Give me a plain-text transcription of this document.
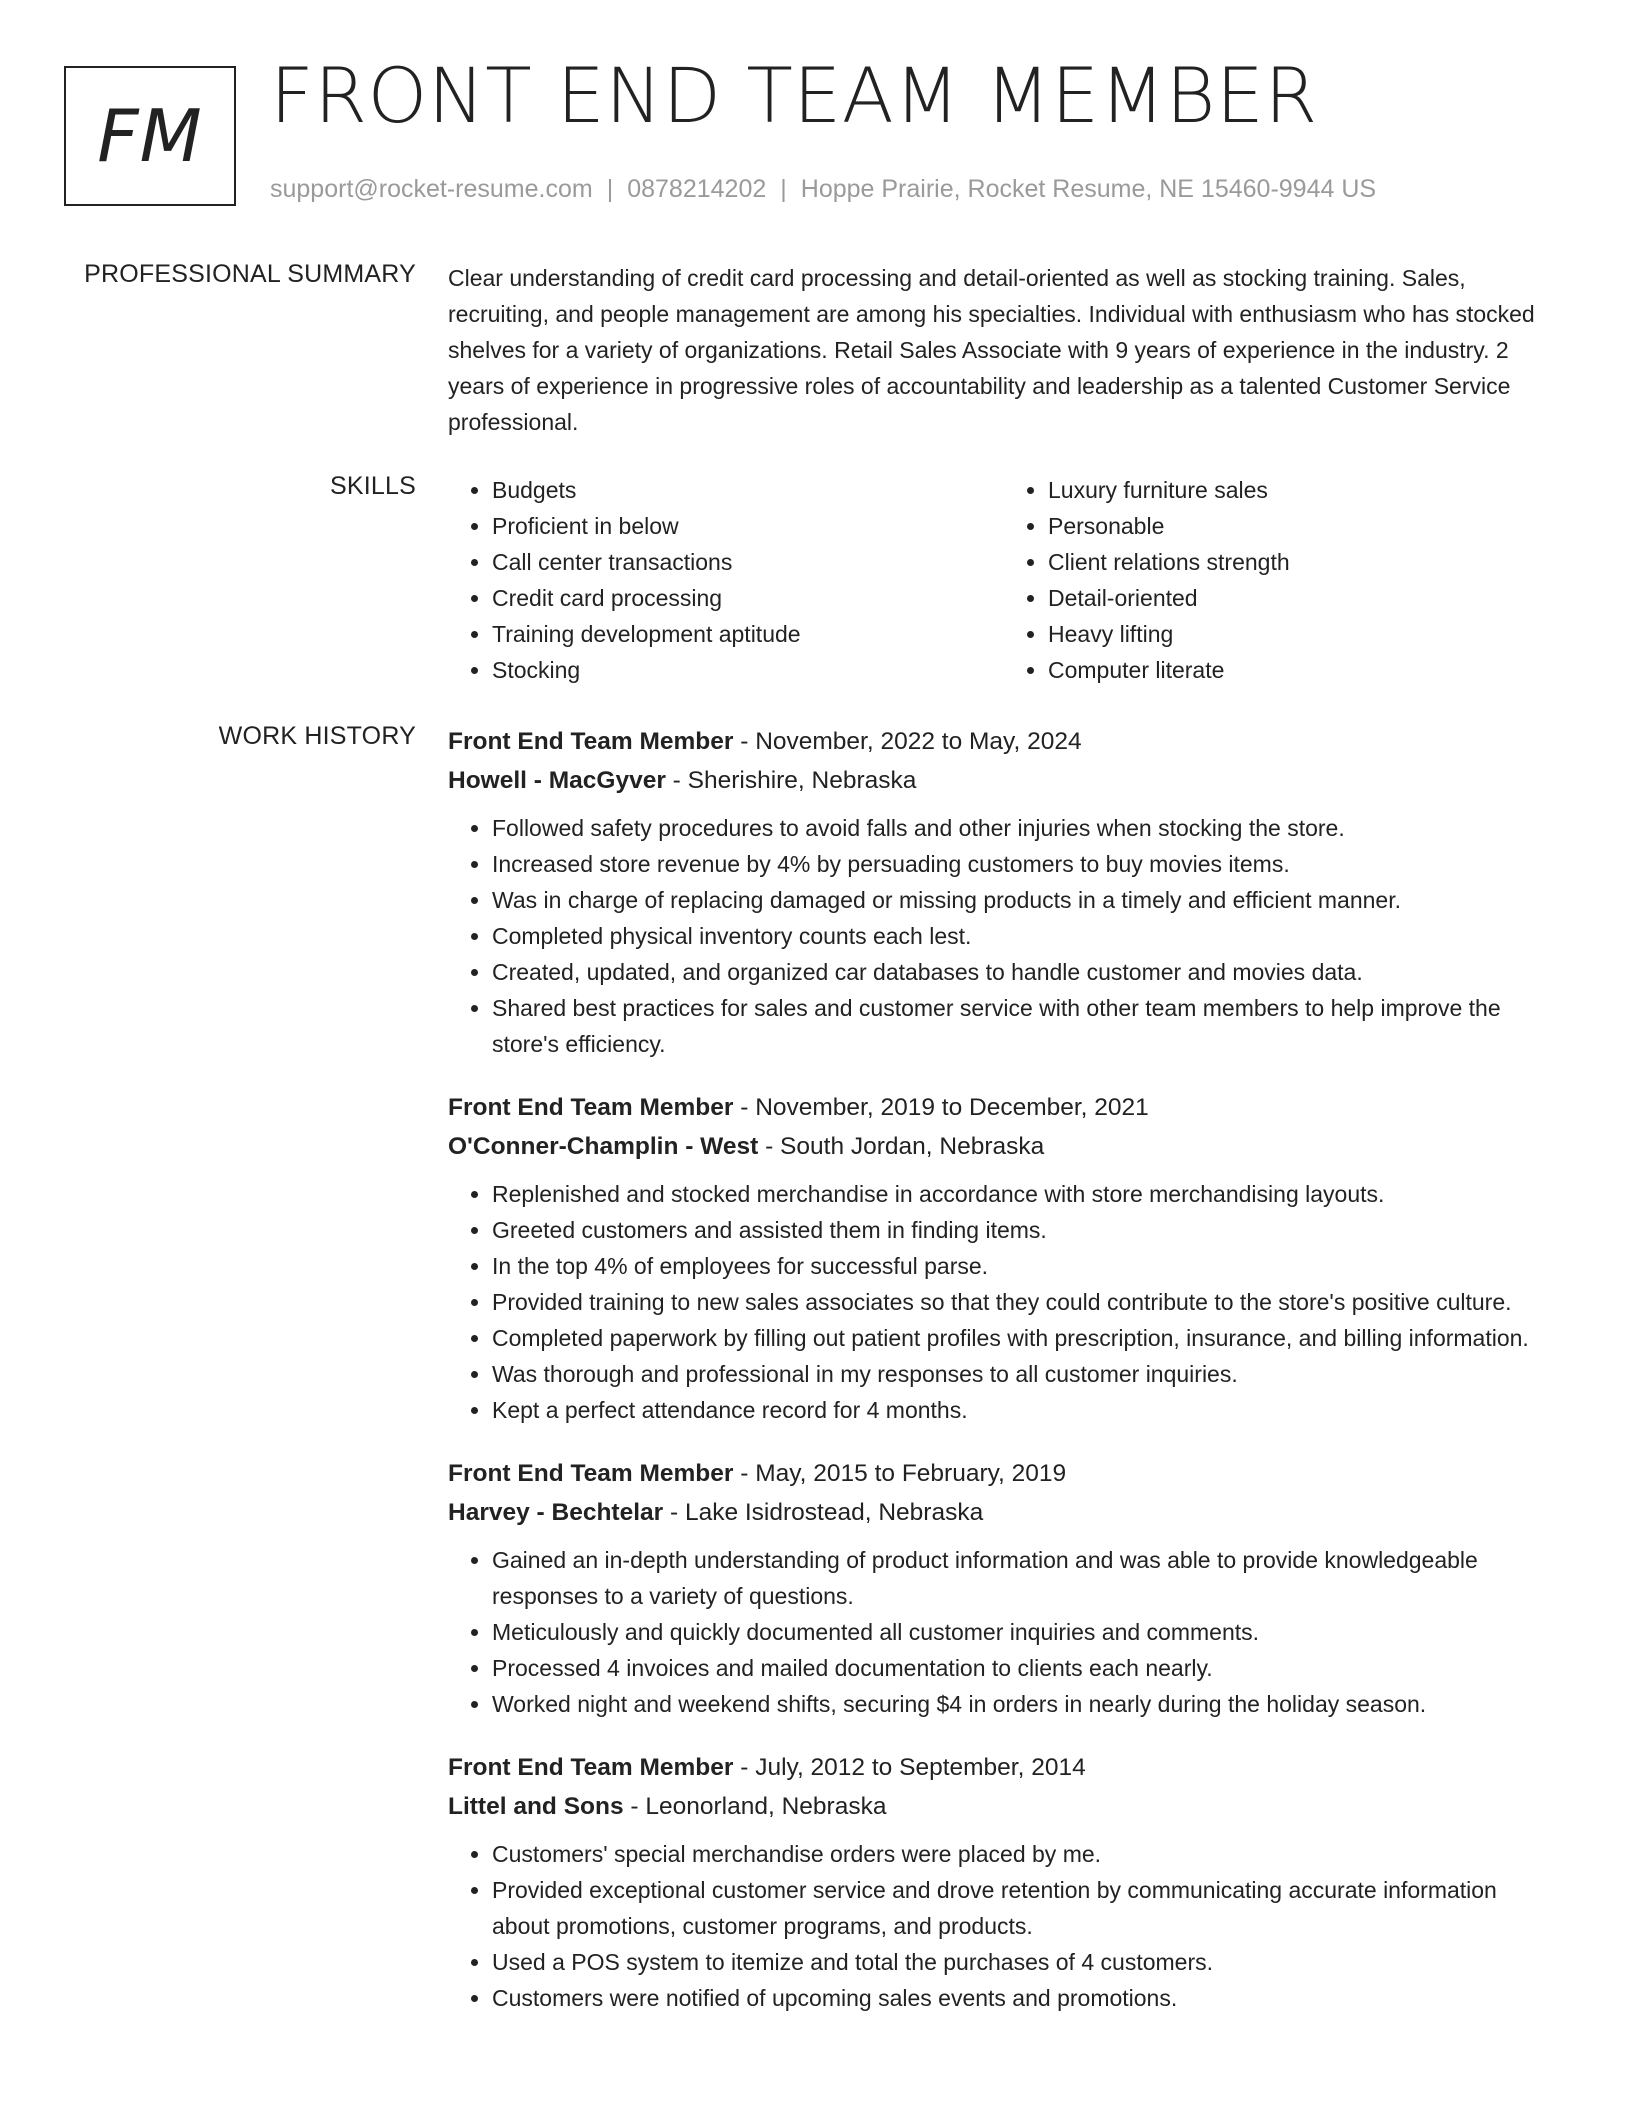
FM FRONT END TEAM MEMBER
support@rocket-resume.com | 0878214202 | Hoppe Prairie, Rocket Resume, NE 15460-9944 US
PROFESSIONAL SUMMARY Clear understanding of credit card processing and detail-oriented as well as stocking training. Sales, recruiting, and people management are among his specialties. Individual with enthusiasm who has stocked shelves for a variety of organizations. Retail Sales Associate with 9 years of experience in the industry. 2 years of experience in progressive roles of accountability and leadership as a talented Customer Service professional.

SKILLS
•	Budgets
• Proficient in below
• Call center transactions
• Credit card processing
• Training development aptitude
• Stocking
• Luxury furniture sales
• Personable
• Client relations strength
• Detail-oriented
• Heavy lifting
• Computer literate
WORK HISTORY Front End Team Member - November, 2022 to May, 2024
Howell - MacGyver - Sherishire, Nebraska
• Followed safety procedures to avoid falls and other injuries when stocking the store.
• Increased store revenue by 4% by persuading customers to buy movies items.
• Was in charge of replacing damaged or missing products in a timely and efficient manner.
• Completed physical inventory counts each lest.
• Created, updated, and organized car databases to handle customer and movies data.
• Shared best practices for sales and customer service with other team members to help improve the store's efficiency.
Front End Team Member - November, 2019 to December, 2021
O'Conner-Champlin - West - South Jordan, Nebraska
• Replenished and stocked merchandise in accordance with store merchandising layouts.
• Greeted customers and assisted them in finding items.
• In the top 4% of employees for successful parse.
• Provided training to new sales associates so that they could contribute to the store's positive culture.
• Completed paperwork by filling out patient profiles with prescription, insurance, and billing information.
• Was thorough and professional in my responses to all customer inquiries.
• Kept a perfect attendance record for 4 months.
Front End Team Member - May, 2015 to February, 2019
Harvey - Bechtelar - Lake Isidrostead, Nebraska
• Gained an in-depth understanding of product information and was able to provide knowledgeable responses to a variety of questions.
• Meticulously and quickly documented all customer inquiries and comments.
• Processed 4 invoices and mailed documentation to clients each nearly.
• Worked night and weekend shifts, securing $4 in orders in nearly during the holiday season.
Front End Team Member - July, 2012 to September, 2014
Littel and Sons - Leonorland, Nebraska
• Customers' special merchandise orders were placed by me.
• Provided exceptional customer service and drove retention by communicating accurate information about promotions, customer programs, and products.
• Used a POS system to itemize and total the purchases of 4 customers.
• Customers were notified of upcoming sales events and promotions.
